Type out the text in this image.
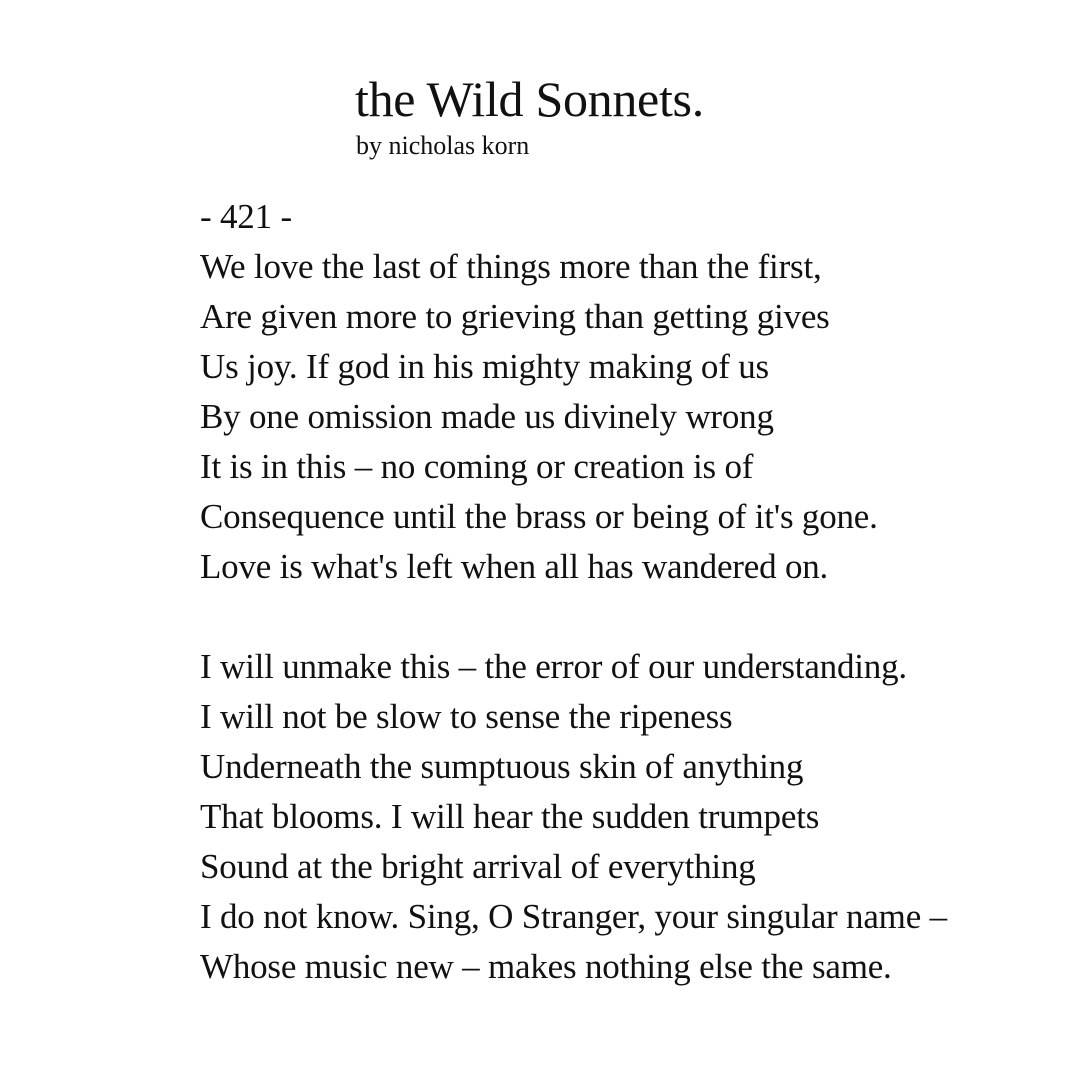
the Wild Sonnets.

by nicholas korn

- 421 -
We love the last of things more than the first,
Are given more to grieving than getting gives
Us joy. If god in his mighty making of us
By one omission made us divinely wrong
It is in this – no coming or creation is of
Consequence until the brass or being of it's gone.
Love is what's left when all has wandered on.
I will unmake this – the error of our understanding.
I will not be slow to sense the ripeness
Underneath the sumptuous skin of anything
That blooms. I will hear the sudden trumpets
Sound at the bright arrival of everything
I do not know. Sing, O Stranger, your singular name –
Whose music new – makes nothing else the same.
